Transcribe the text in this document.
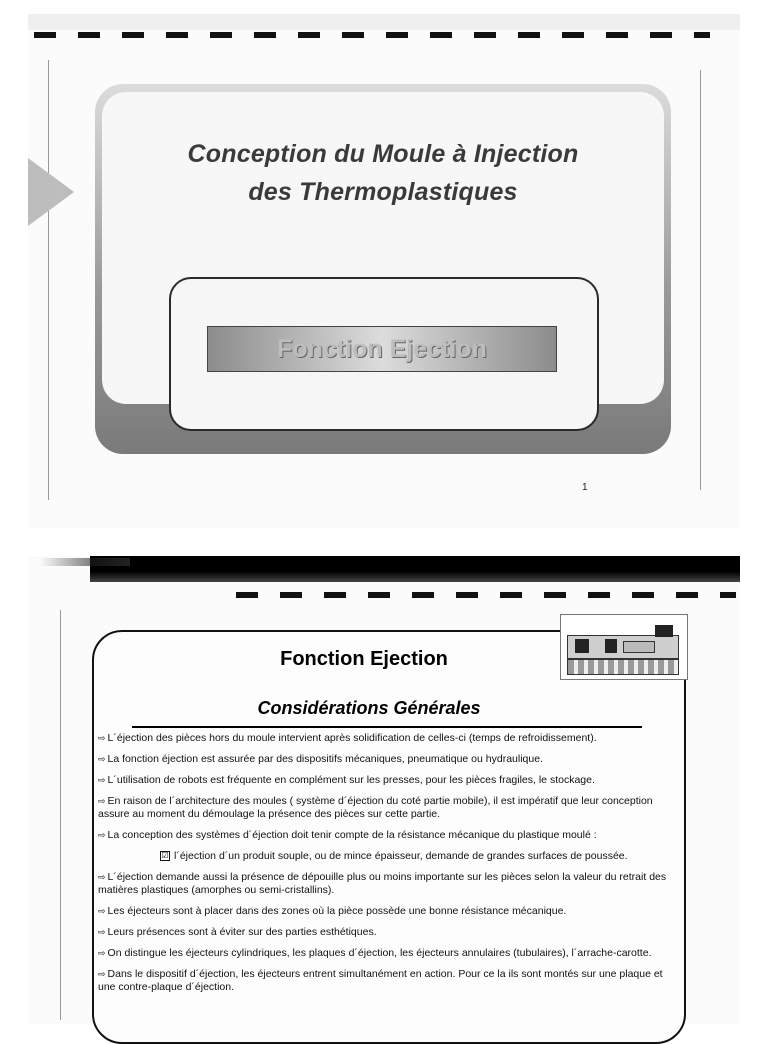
Conception du Moule à Injection
des Thermoplastiques
Fonction Ejection
1
Fonction Ejection
Considérations Générales
⇨ L´éjection des pièces hors du moule intervient après solidification de celles-ci (temps de refroidissement).
⇨ La fonction éjection est assurée par des dispositifs mécaniques, pneumatique ou hydraulique.
⇨ L´utilisation de robots est fréquente en complément sur les presses, pour les pièces fragiles, le stockage.
⇨ En raison de l´architecture des moules ( système d´éjection du coté partie mobile), il est impératif que leur conception assure au moment du démoulage la présence des pièces sur cette partie.
⇨ La conception des systèmes d´éjection doit tenir compte de la résistance mécanique du plastique moulé :
☑ l´éjection d´un produit souple, ou de mince épaisseur, demande de grandes surfaces de poussée.
⇨ L´éjection demande aussi la présence de dépouille plus ou moins importante sur les pièces selon la valeur du retrait des matières plastiques (amorphes ou semi-cristallins).
⇨ Les éjecteurs sont à placer dans des zones où la pièce possède une bonne résistance mécanique.
⇨ Leurs présences sont à éviter sur des parties esthétiques.
⇨ On distingue les éjecteurs cylindriques, les plaques d´éjection, les éjecteurs annulaires (tubulaires), l´arrache-carotte.
⇨ Dans le dispositif d´éjection, les éjecteurs entrent simultanément en action. Pour ce la ils sont montés sur une plaque et une contre-plaque d´éjection.
